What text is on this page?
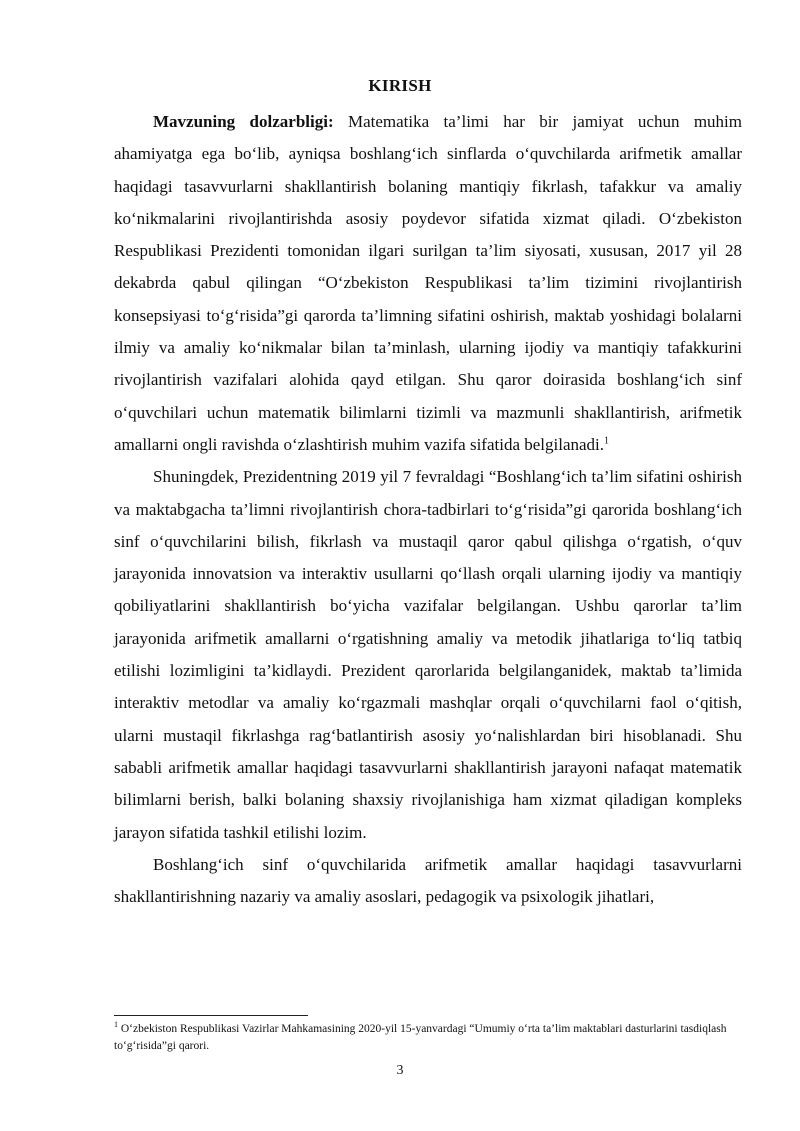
KIRISH

Mavzuning dolzarbligi: Matematika ta’limi har bir jamiyat uchun muhim ahamiyatga ega bo‘lib, ayniqsa boshlang‘ich sinflarda o‘quvchilarda arifmetik amallar haqidagi tasavvurlarni shakllantirish bolaning mantiqiy fikrlash, tafakkur va amaliy ko‘nikmalarini rivojlantirishda asosiy poydevor sifatida xizmat qiladi. O‘zbekiston Respublikasi Prezidenti tomonidan ilgari surilgan ta’lim siyosati, xususan, 2017 yil 28 dekabrda qabul qilingan “O‘zbekiston Respublikasi ta’lim tizimini rivojlantirish konsepsiyasi to‘g‘risida”gi qarorda ta’limning sifatini oshirish, maktab yoshidagi bolalarni ilmiy va amaliy ko‘nikmalar bilan ta’minlash, ularning ijodiy va mantiqiy tafakkurini rivojlantirish vazifalari alohida qayd etilgan. Shu qaror doirasida boshlang‘ich sinf o‘quvchilari uchun matematik bilimlarni tizimli va mazmunli shakllantirish, arifmetik amallarni ongli ravishda o‘zlashtirish muhim vazifa sifatida belgilanadi.$^1$

Shuningdek, Prezidentning 2019 yil 7 fevraldagi “Boshlang‘ich ta’lim sifatini oshirish va maktabgacha ta’limni rivojlantirish chora-tadbirlari to‘g‘risida”gi qarorida boshlang‘ich sinf o‘quvchilarini bilish, fikrlash va mustaqil qaror qabul qilishga o‘rgatish, o‘quv jarayonida innovatsion va interaktiv usullarni qo‘llash orqali ularning ijodiy va mantiqiy qobiliyatlarini shakllantirish bo‘yicha vazifalar belgilangan. Ushbu qarorlar ta’lim jarayonida arifmetik amallarni o‘rgatishning amaliy va metodik jihatlariga to‘liq tatbiq etilishi lozimligini ta’kidlaydi. Prezident qarorlarida belgilanganidek, maktab ta’limida interaktiv metodlar va amaliy ko‘rgazmali mashqlar orqali o‘quvchilarni faol o‘qitish, ularni mustaqil fikrlashga rag‘batlantirish asosiy yo‘nalishlardan biri hisoblanadi. Shu sababli arifmetik amallar haqidagi tasavvurlarni shakllantirish jarayoni nafaqat matematik bilimlarni berish, balki bolaning shaxsiy rivojlanishiga ham xizmat qiladigan kompleks jarayon sifatida tashkil etilishi lozim.

Boshlang‘ich sinf o‘quvchilarida arifmetik amallar haqidagi tasavvurlarni shakllantirishning nazariy va amaliy asoslari, pedagogik va psixologik jihatlari,

$^1$ O‘zbekiston Respublikasi Vazirlar Mahkamasining 2020-yil 15-yanvardagi “Umumiy o‘rta ta’lim maktablari dasturlarini tasdiqlash to‘g‘risida”gi qarori.
3
